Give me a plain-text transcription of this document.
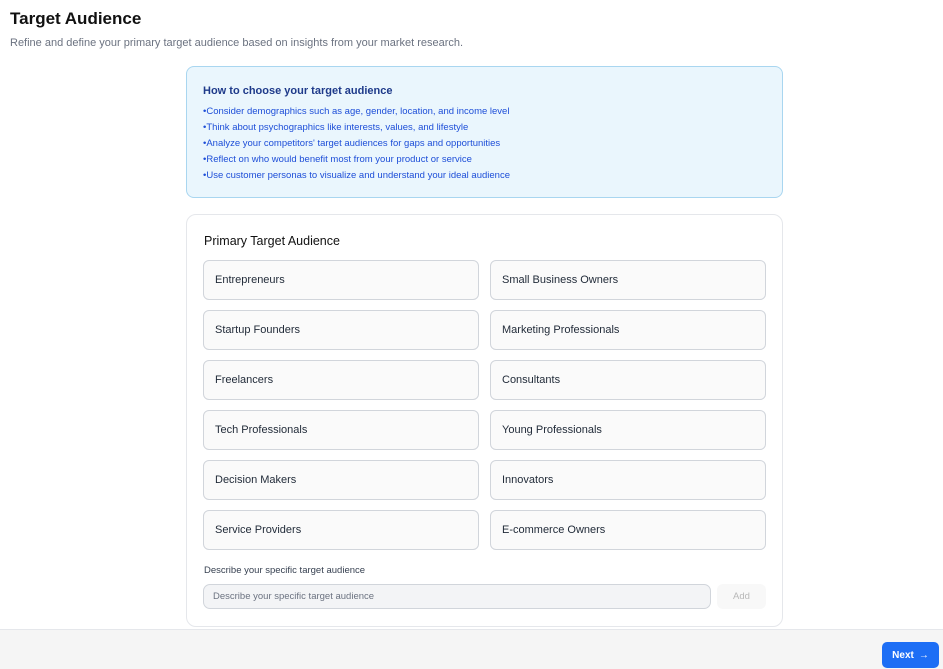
Target Audience
Refine and define your primary target audience based on insights from your market research.
How to choose your target audience
• Consider demographics such as age, gender, location, and income level
• Think about psychographics like interests, values, and lifestyle
• Analyze your competitors' target audiences for gaps and opportunities
• Reflect on who would benefit most from your product or service
• Use customer personas to visualize and understand your ideal audience
Primary Target Audience
Entrepreneurs	Small Business Owners
Startup Founders	Marketing Professionals
Freelancers	Consultants
Tech Professionals	Young Professionals
Decision Makers	Innovators
Service Providers	E-commerce Owners
Describe your specific target audience
Describe your specific target audience
Add
Next →
